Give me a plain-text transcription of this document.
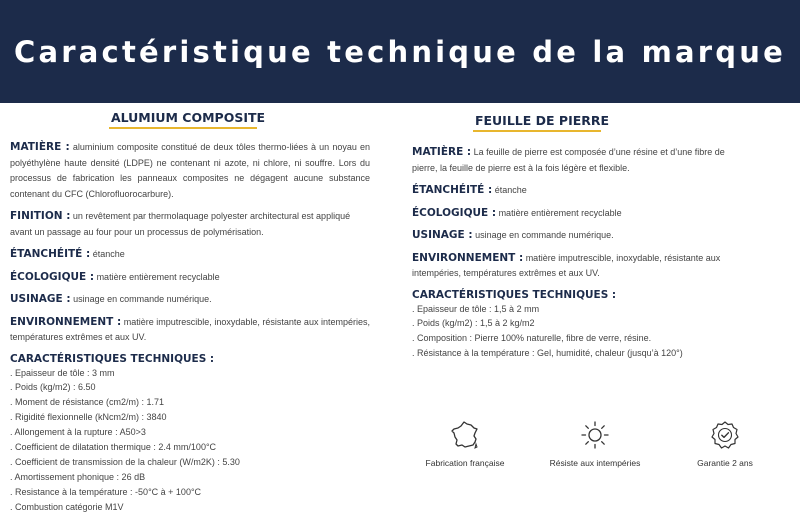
Caractéristique technique de la marque
ALUMIUM COMPOSITE

MATIÈRE : aluminium composite constitué de deux tôles thermo-liées à un noyau en polyéthylène haute densité (LDPE) ne contenant ni azote, ni chlore, ni souffre. Lors du processus de fabrication les panneaux composites ne dégagent aucune substance contenant du CFC (Chlorofluorocarbure).

FINITION : un revêtement par thermolaquage polyester architectural est appliqué avant un passage au four pour un processus de polymérisation.

ÉTANCHÉITÉ : étanche

ÉCOLOGIQUE : matière entièrement recyclable

USINAGE : usinage en commande numérique.

ENVIRONNEMENT : matière imputrescible, inoxydable, résistante aux intempéries, températures extrêmes et aux UV.

CARACTÉRISTIQUES TECHNIQUES :
. Epaisseur de tôle : 3 mm
. Poids (kg/m2) : 6.50
. Moment de résistance (cm2/m) : 1.71
. Rigidité flexionnelle (kNcm2/m) : 3840
. Allongement à la rupture : A50>3
. Coefficient de dilatation thermique : 2.4 mm/100°C
. Coefficient de transmission de la chaleur (W/m2K) : 5.30
. Amortissement phonique : 26 dB
. Resistance à la température : -50°C à + 100°C
. Combustion catégorie M1V
FEUILLE DE PIERRE

MATIÈRE : La feuille de pierre est composée d’une résine et d’une fibre de pierre, la feuille de pierre est à la fois légère et flexible.

ÉTANCHÉITÉ : étanche

ÉCOLOGIQUE : matière entièrement recyclable

USINAGE : usinage en commande numérique.

ENVIRONNEMENT : matière imputrescible, inoxydable, résistante aux intempéries, températures extrêmes et aux UV.

CARACTÉRISTIQUES TECHNIQUES :
. Epaisseur de tôle : 1,5 à 2 mm
. Poids (kg/m2) : 1,5 à 2 kg/m2
. Composition : Pierre 100% naturelle, fibre de verre, résine.
. Résistance à la température : Gel, humidité, chaleur (jusqu’à 120°)
Fabrication française	Résiste aux intempéries	Garantie 2 ans
